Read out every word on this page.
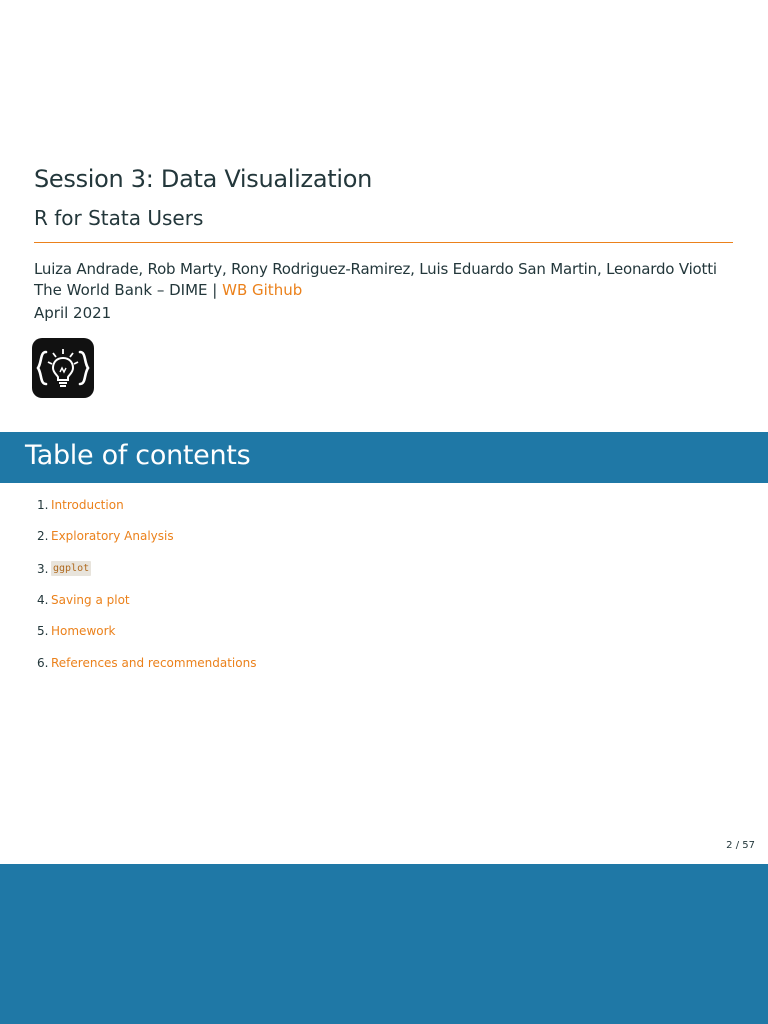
Session 3: Data Visualization
R for Stata Users
Luiza Andrade, Rob Marty, Rony Rodriguez-Ramirez, Luis Eduardo San Martin, Leonardo Viotti
The World Bank – DIME | WB Github
April 2021
Table of contents
1. Introduction
2. Exploratory Analysis
3. ggplot
4. Saving a plot
5. Homework
6. References and recommendations
2 / 57
